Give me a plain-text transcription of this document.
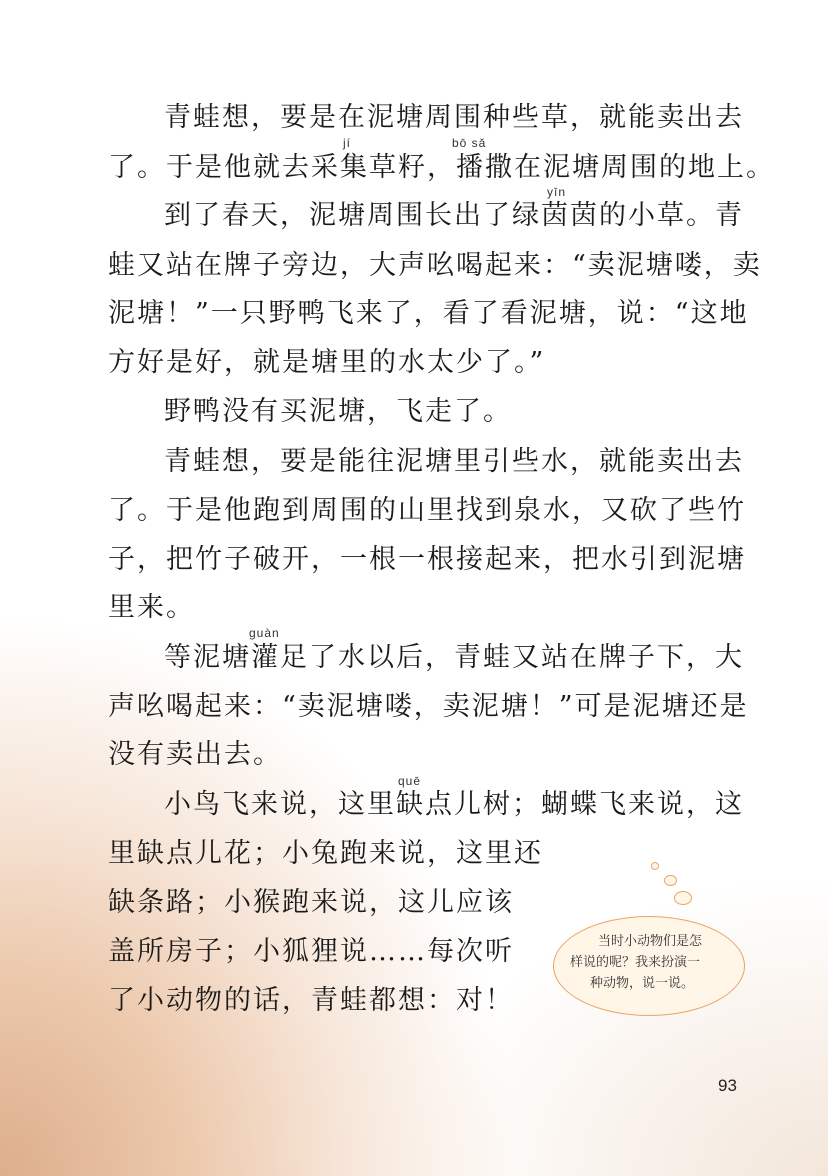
青蛙想，要是在泥塘周围种些草，就能卖出去
了。于是他就去采集草籽，播撒在泥塘周围的地上。
到了春天，泥塘周围长出了绿茵茵的小草。青
蛙又站在牌子旁边，大声吆喝起来：“卖泥塘喽，卖
泥塘！”一只野鸭飞来了，看了看泥塘，说：“这地
方好是好，就是塘里的水太少了。”
野鸭没有买泥塘，飞走了。
青蛙想，要是能往泥塘里引些水，就能卖出去
了。于是他跑到周围的山里找到泉水，又砍了些竹
子，把竹子破开，一根一根接起来，把水引到泥塘
里来。
等泥塘灌足了水以后，青蛙又站在牌子下，大
声吆喝起来：“卖泥塘喽，卖泥塘！”可是泥塘还是
没有卖出去。
小鸟飞来说，这里缺点儿树；蝴蝶飞来说，这
里缺点儿花；小兔跑来说，这里还
缺条路；小猴跑来说，这儿应该
盖所房子；小狐狸说……每次听
了小动物的话，青蛙都想：对！
jí	bō sǎ
yīn
guàn
quē
当时小动物们是怎
样说的呢？我来扮演一
种动物，说一说。
93
